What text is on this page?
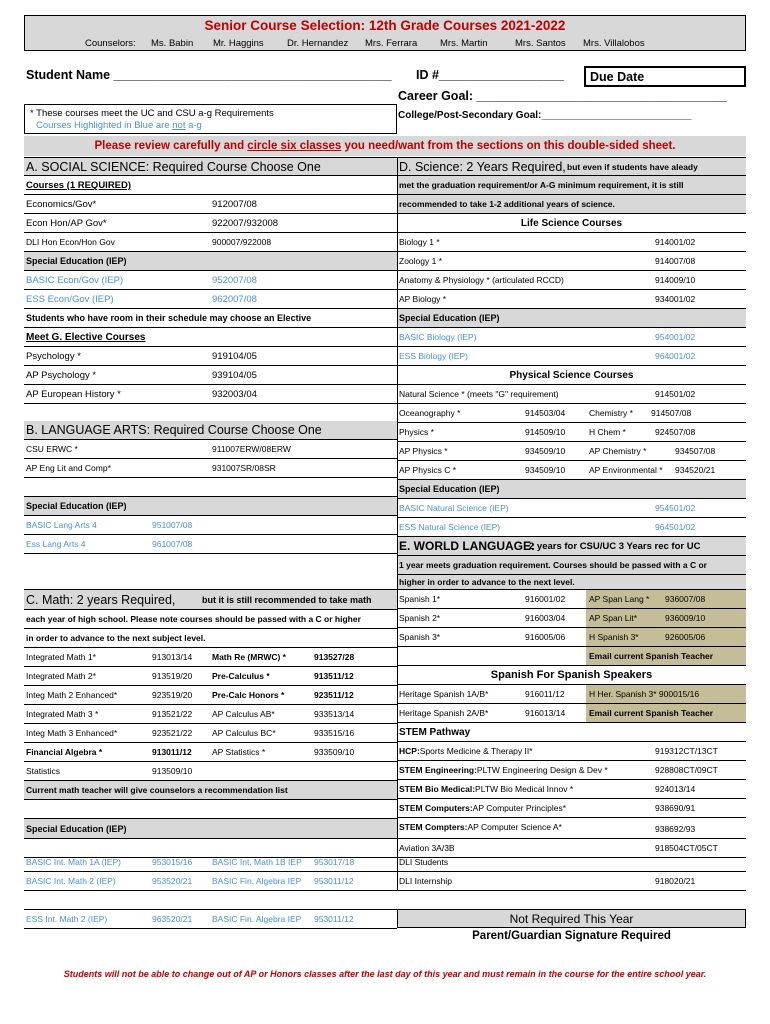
Senior Course Selection: 12th Grade Courses 2021-2022
Counselors: Ms. Babin Mr. Haggins Dr. Hernandez Mrs. Ferrara Mrs. Martin	Mrs. Santos Mrs. Villalobos
Student Name ________________________________________ ID #__________________	Due Date
Career Goal: ____________________________________
College/Post-Secondary Goal:___________________________
* These courses meet the UC and CSU a-g Requirements
Courses Highlighted in Blue are not a-g
Please review carefully and circle six classes you need/want from the sections on this double-sided sheet.
A. SOCIAL SCIENCE: Required Course Choose One
Courses (1 REQUIRED)
Economics/Gov*	912007/08
Econ Hon/AP Gov*	922007/932008
DLI Hon Econ/Hon Gov	900007/922008
Special Education (IEP)
BASIC Econ/Gov (IEP)	952007/08
ESS Econ/Gov (IEP)	962007/08
Students who have room in their schedule may choose an Elective
Meet G. Elective Courses
Psychology *	919104/05
AP Psychology *	939104/05
AP European History *	932003/04
B. LANGUAGE ARTS: Required Course Choose One
CSU ERWC *	911007ERW/08ERW
AP Eng Lit and Comp*	931007SR/08SR
Special Education (IEP)
BASIC Lang Arts 4	951007/08
Ess Lang Arts 4	961007/08
C. Math: 2 years Required,	but it is still recommended to take math
each year of high school. Please note courses should be passed with a C or higher
in order to advance to the next subject level.
Integrated Math 1*	913013/14 Math Re (MRWC) *	913527/28
Integrated Math 2*	913519/20 Pre-Calculus *	913511/12
Integ Math 2 Enhanced*	923519/20 Pre-Calc Honors *	923511/12
Integrated Math 3 *	913521/22 AP Calculus AB*	933513/14
Integ Math 3 Enhanced*	923521/22 AP Calculus BC*	933515/16
Financial Algebra *	913011/12 AP Statistics *	933509/10
Statistics	913509/10
Current math teacher will give counselors a recommendation list
Special Education (IEP)
BASIC Int. Math 1A (IEP)	953015/16 BASIC Int. Math 1B IEP 953017/18
BASIC Int. Math 2 (IEP)	953520/21 BASIC Fin. Algebra IEP 953011/12
ESS Int. Math 2 (IEP)	963520/21 BASIC Fin. Algebra IEP 953011/12
D. Science: 2 Years Required, but even if students have aleady
met the graduation requirement/or A-G minimum requirement, it is still
recommended to take 1-2 additional years of science.
Life Science Courses
Biology 1 *	914001/02
Zoology 1 *	914007/08
Anatomy & Physiology * (articulated RCCD)	914009/10
AP Biology *	934001/02
Special Education (IEP)
BASIC Biology (IEP)	954001/02
ESS Biology (IEP)	964001/02
Physical Science Courses
Natural Science * (meets "G" requirement)	914501/02
Oceanography *	914503/04	Chemistry * 914507/08
Physics *	914509/10	H Chem *	924507/08
AP Physics *	934509/10	AP Chemistry *	934507/08
AP Physics C *	934509/10	AP Environmental * 934520/21
Special Education (IEP)
BASIC Natural Science (IEP)	954501/02
ESS Natural Science (IEP)	964501/02
E. WORLD LANGUAGE:
2 years for CSU/UC 3 Years rec for UC
1 year meets graduation requirement. Courses should be passed with a C or
higher in order to advance to the next level.
Spanish 1*	916001/02	AP Span Lang *	936007/08
Spanish 2*	916003/04	AP Span Lit*	936009/10
Spanish 3*	916005/06	H Spanish 3*	926005/06
Email current Spanish Teacher
Spanish For Spanish Speakers
Heritage Spanish 1A/B*	916011/12	H Her. Spanish 3* 900015/16
Heritage Spanish 2A/B*	916013/14	Email current Spanish Teacher
STEM Pathway
HCP: Sports Medicine & Therapy II*	919312CT/13CT
STEM Engineering: PLTW Engineering Design & Dev *	928808CT/09CT
STEM Bio Medical: PLTW Bio Medical Innov *	924013/14
STEM Computers: AP Computer Principles*	938690/91
STEM Compters: AP Computer Science A*	938692/93
Aviation 3A/3B	918504CT/05CT
DLI Students
DLI Internship	918020/21
Not Required This Year
Parent/Guardian Signature Required
Students will not be able to change out of AP or Honors classes after the last day of this year and must remain in the course for the entire school year.
